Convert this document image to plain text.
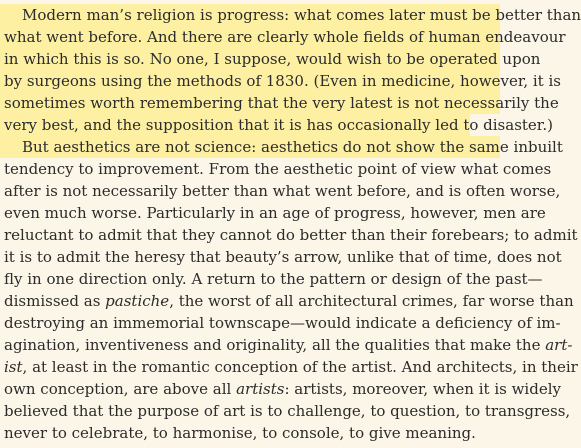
Modern man’s religion is progress: what comes later must be better than
what went before. And there are clearly whole fields of human endeavour
in which this is so. No one, I suppose, would wish to be operated upon
by surgeons using the methods of 1830. (Even in medicine, however, it is
sometimes worth remembering that the very latest is not necessarily the
very best, and the supposition that it is has occasionally led to disaster.)
But aesthetics are not science: aesthetics do not show the same inbuilt
tendency to improvement. From the aesthetic point of view what comes
after is not necessarily better than what went before, and is often worse,
even much worse. Particularly in an age of progress, however, men are
reluctant to admit that they cannot do better than their forebears; to admit
it is to admit the heresy that beauty’s arrow, unlike that of time, does not
fly in one direction only. A return to the pattern or design of the past—
dismissed as pastiche, the worst of all architectural crimes, far worse than
destroying an immemorial townscape—would indicate a deficiency of im-
agination, inventiveness and originality, all the qualities that make the art-
ist, at least in the romantic conception of the artist. And architects, in their
own conception, are above all artists: artists, moreover, when it is widely
believed that the purpose of art is to challenge, to question, to transgress,
never to celebrate, to harmonise, to console, to give meaning.
